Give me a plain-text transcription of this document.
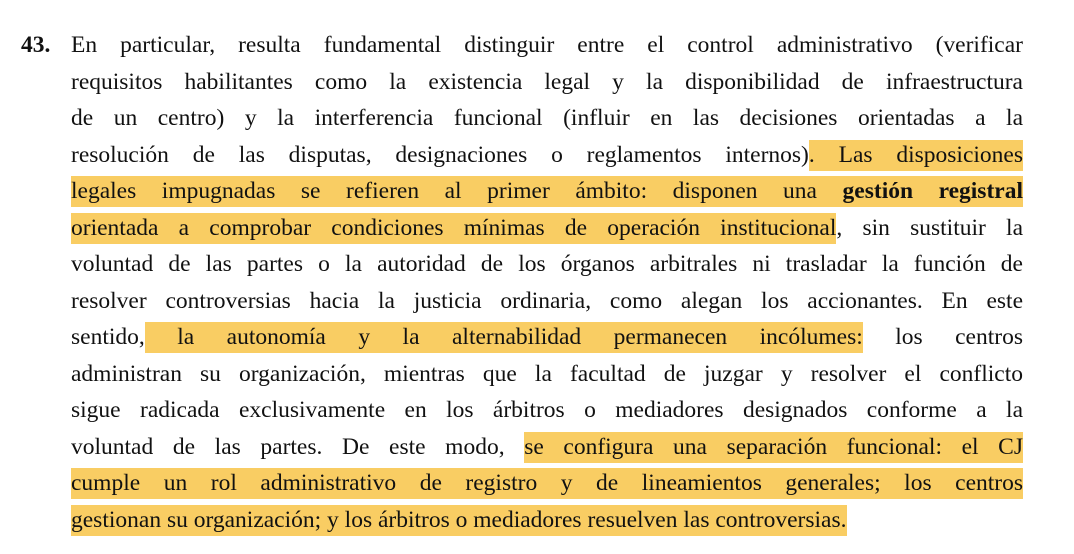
43. En particular, resulta fundamental distinguir entre el control administrativo (verificar
requisitos habilitantes como la existencia legal y la disponibilidad de infraestructura
de un centro) y la interferencia funcional (influir en las decisiones orientadas a la
resolución de las disputas, designaciones o reglamentos internos). Las disposiciones
legales impugnadas se refieren al primer ámbito: disponen una gestión registral
orientada a comprobar condiciones mínimas de operación institucional, sin sustituir la
voluntad de las partes o la autoridad de los órganos arbitrales ni trasladar la función de
resolver controversias hacia la justicia ordinaria, como alegan los accionantes. En este
sentido, la autonomía y la alternabilidad permanecen incólumes: los centros
administran su organización, mientras que la facultad de juzgar y resolver el conflicto
sigue radicada exclusivamente en los árbitros o mediadores designados conforme a la
voluntad de las partes. De este modo, se configura una separación funcional: el CJ
cumple un rol administrativo de registro y de lineamientos generales; los centros
gestionan su organización; y los árbitros o mediadores resuelven las controversias.
